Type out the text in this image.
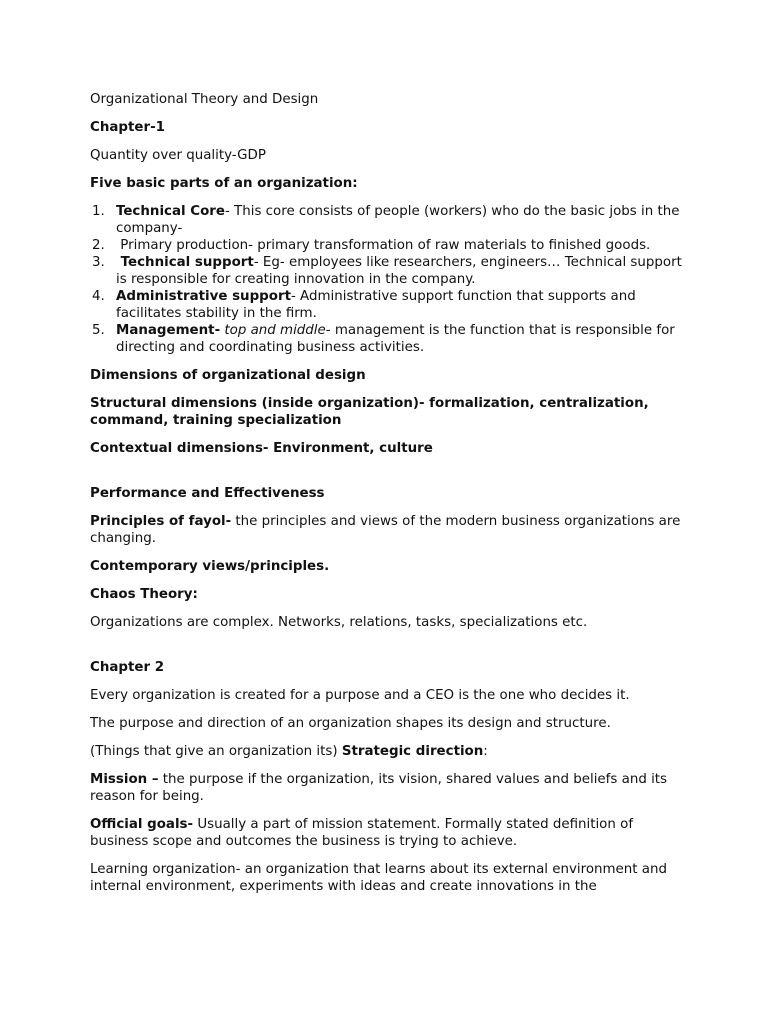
Organizational Theory and Design
Chapter-1
Quantity over quality-GDP
Five basic parts of an organization:
1. Technical Core- This core consists of people (workers) who do the basic jobs in the company-
2. Primary production- primary transformation of raw materials to finished goods.
3. Technical support- Eg- employees like researchers, engineers… Technical support is responsible for creating innovation in the company.
4. Administrative support- Administrative support function that supports and facilitates stability in the firm.
5. Management- top and middle- management is the function that is responsible for directing and coordinating business activities.
Dimensions of organizational design
Structural dimensions (inside organization)- formalization, centralization, command, training specialization
Contextual dimensions- Environment, culture
Performance and Effectiveness
Principles of fayol- the principles and views of the modern business organizations are changing.
Contemporary views/principles.
Chaos Theory:
Organizations are complex. Networks, relations, tasks, specializations etc.
Chapter 2
Every organization is created for a purpose and a CEO is the one who decides it.
The purpose and direction of an organization shapes its design and structure.
(Things that give an organization its) Strategic direction:
Mission – the purpose if the organization, its vision, shared values and beliefs and its reason for being.
Official goals- Usually a part of mission statement. Formally stated definition of business scope and outcomes the business is trying to achieve.
Learning organization- an organization that learns about its external environment and internal environment, experiments with ideas and create innovations in the
